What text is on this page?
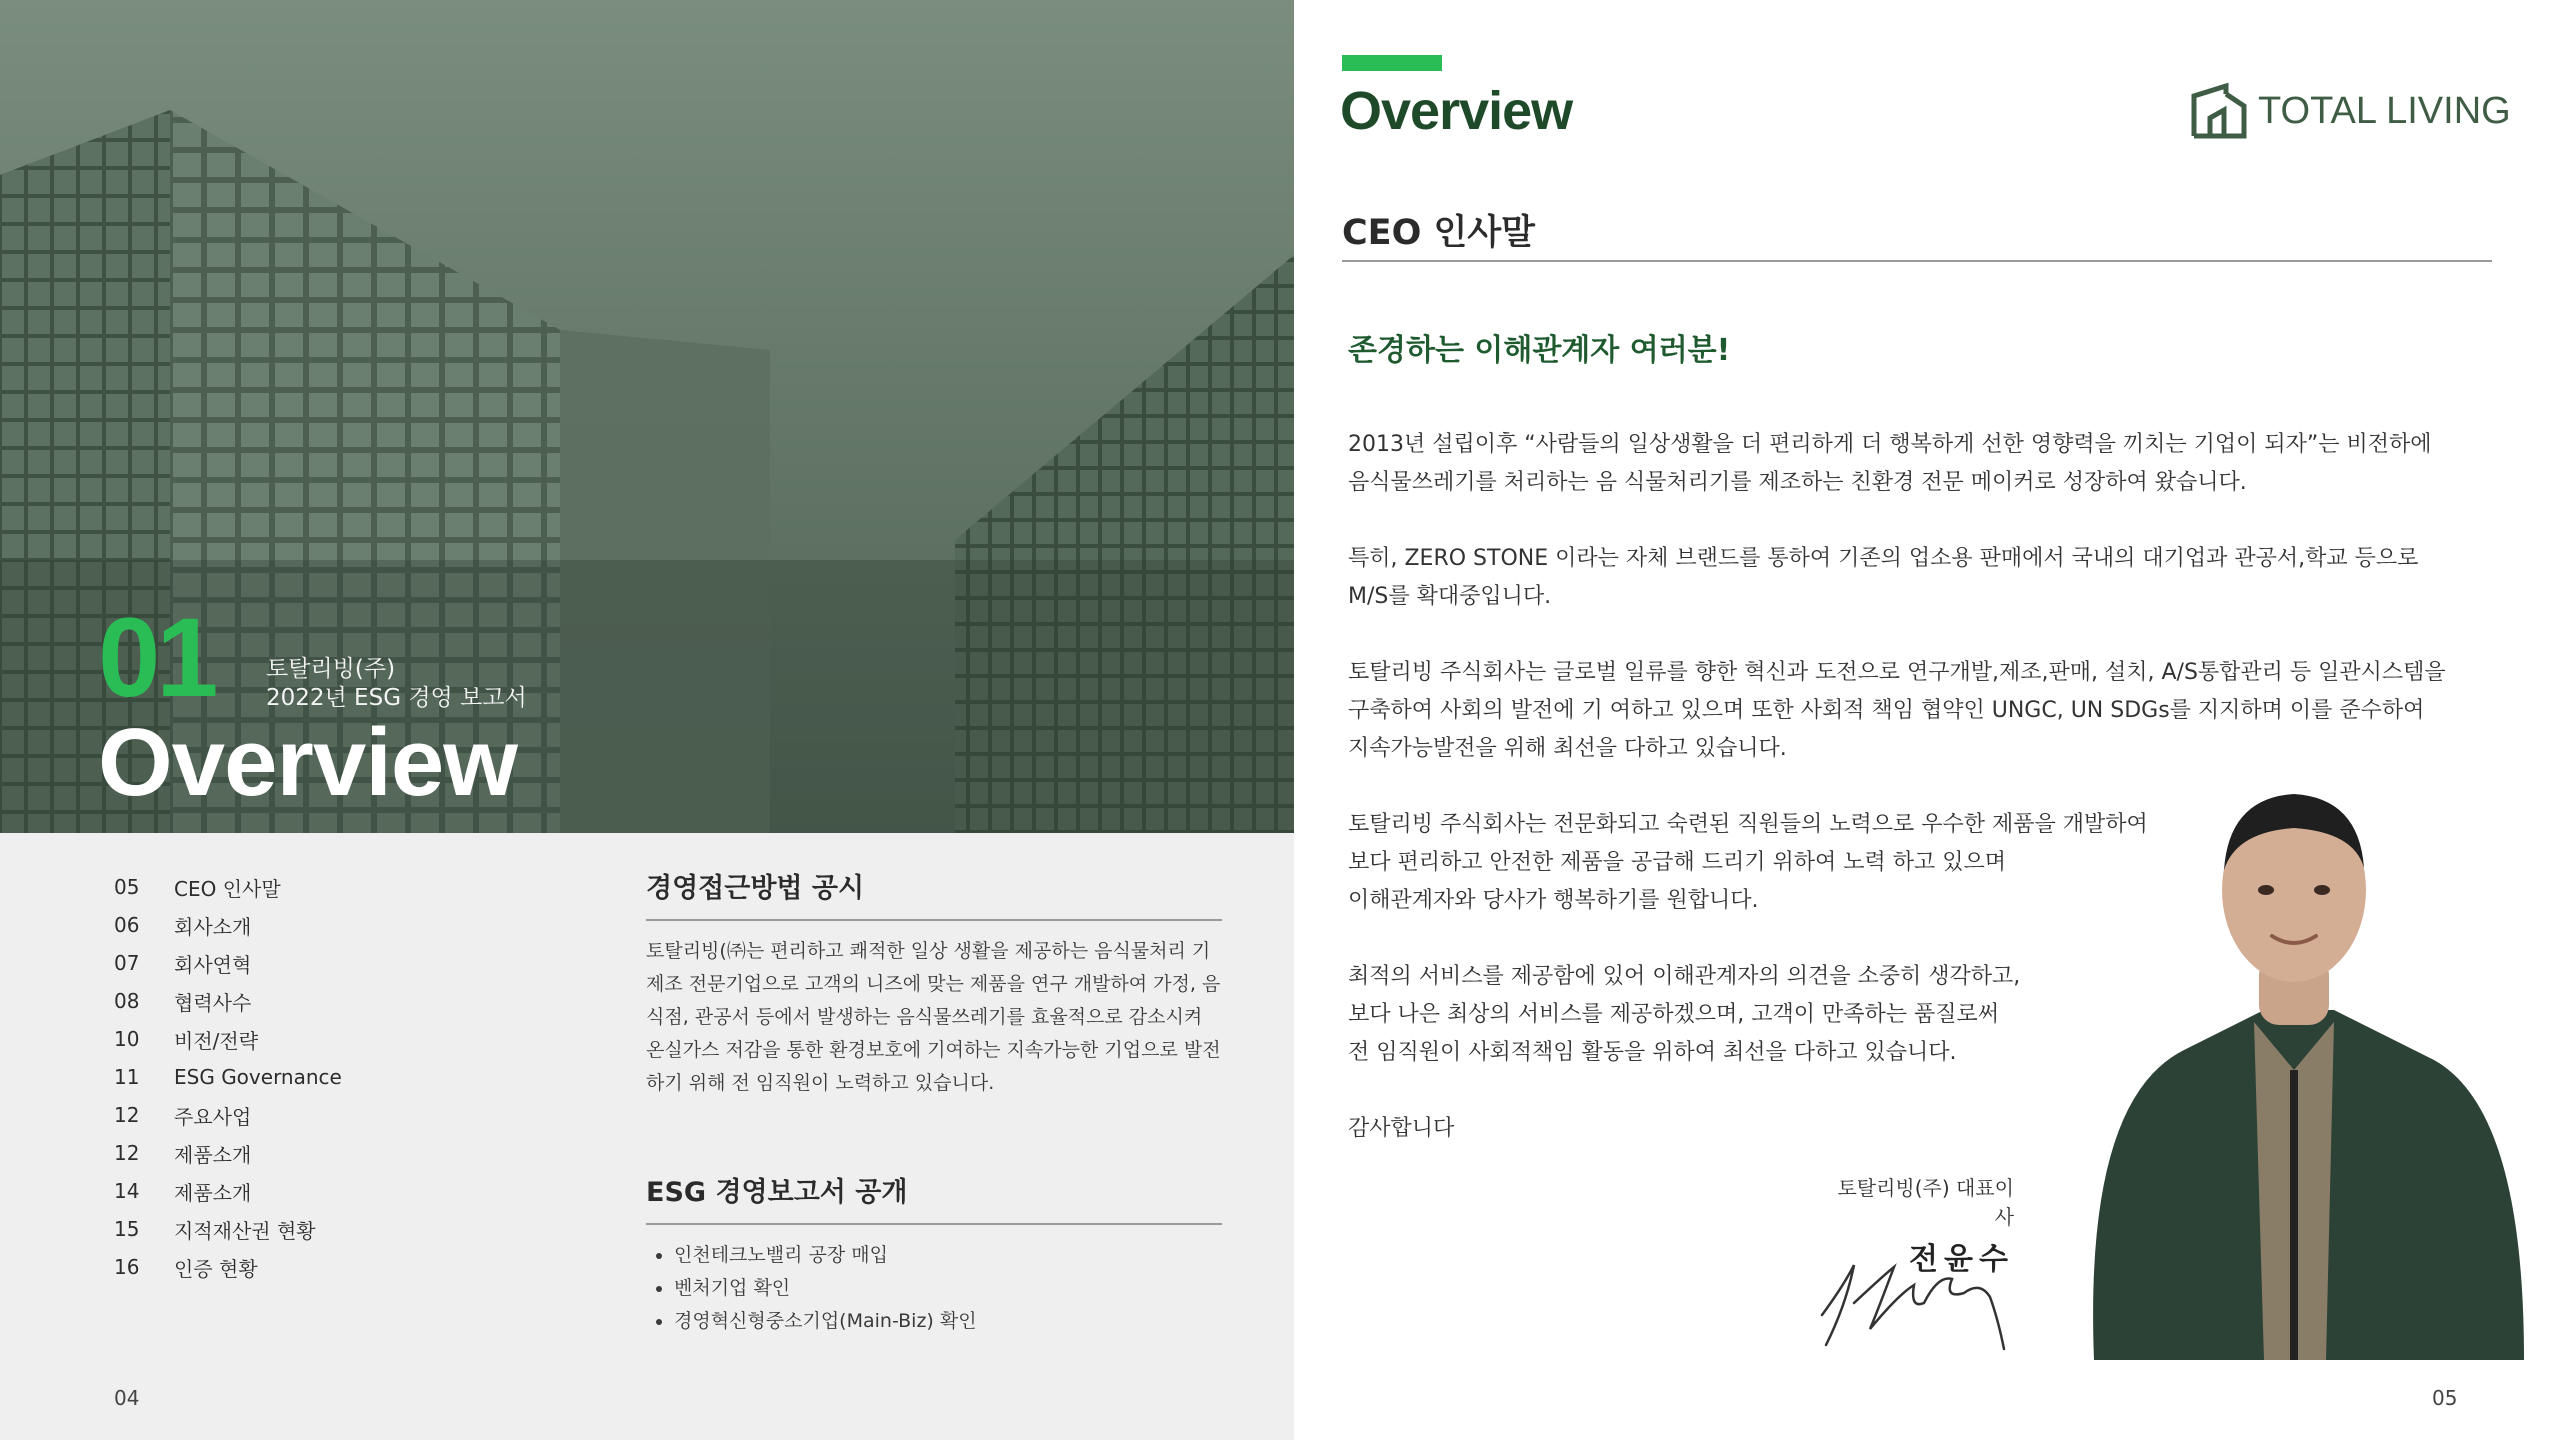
01 토탈리빙(주)
2022년 ESG 경영 보고서
Overview
05	CEO 인사말
06	회사소개
07	회사연혁
08	협력사수
10	비전/전략
11	ESG Governance
12	주요사업
12	제품소개
14	제품소개
15	지적재산권 현황
16	인증 현황
경영접근방법 공시

토탈리빙(㈜는 편리하고 쾌적한 일상 생활을 제공하는 음식물처리 기
제조 전문기업으로 고객의 니즈에 맞는 제품을 연구 개발하여 가정, 음
식점, 관공서 등에서 발생하는 음식물쓰레기를 효율적으로 감소시켜
온실가스 저감을 통한 환경보호에 기여하는 지속가능한 기업으로 발전
하기 위해 전 임직원이 노력하고 있습니다.

ESG 경영보고서 공개
• 인천테크노밸리 공장 매입
• 벤처기업 확인
• 경영혁신형중소기업(Main-Biz) 확인
04
Overview	TOTAL LIVING
CEO 인사말
존경하는 이해관계자 여러분!

2013년 설립이후 “사람들의 일상생활을 더 편리하게 더 행복하게 선한 영향력을 끼치는 기업이 되자”는 비전하에
음식물쓰레기를 처리하는 음 식물처리기를 제조하는 친환경 전문 메이커로 성장하여 왔습니다.

특히, ZERO STONE 이라는 자체 브랜드를 통하여 기존의 업소용 판매에서 국내의 대기업과 관공서,학교 등으로
M/S를 확대중입니다.

토탈리빙 주식회사는 글로벌 일류를 향한 혁신과 도전으로 연구개발,제조,판매, 설치, A/S통합관리 등 일관시스템을
구축하여 사회의 발전에 기 여하고 있으며 또한 사회적 책임 협약인 UNGC, UN SDGs를 지지하며 이를 준수하여
지속가능발전을 위해 최선을 다하고 있습니다.

토탈리빙 주식회사는 전문화되고 숙련된 직원들의 노력으로 우수한 제품을 개발하여
보다 편리하고 안전한 제품을 공급해 드리기 위하여 노력 하고 있으며
이해관계자와 당사가 행복하기를 원합니다.

최적의 서비스를 제공함에 있어 이해관계자의 의견을 소중히 생각하고,
보다 나은 최상의 서비스를 제공하겠으며, 고객이 만족하는 품질로써
전 임직원이 사회적책임 활동을 위하여 최선을 다하고 있습니다.

감사합니다

토탈리빙(주) 대표이사
전윤수
05
